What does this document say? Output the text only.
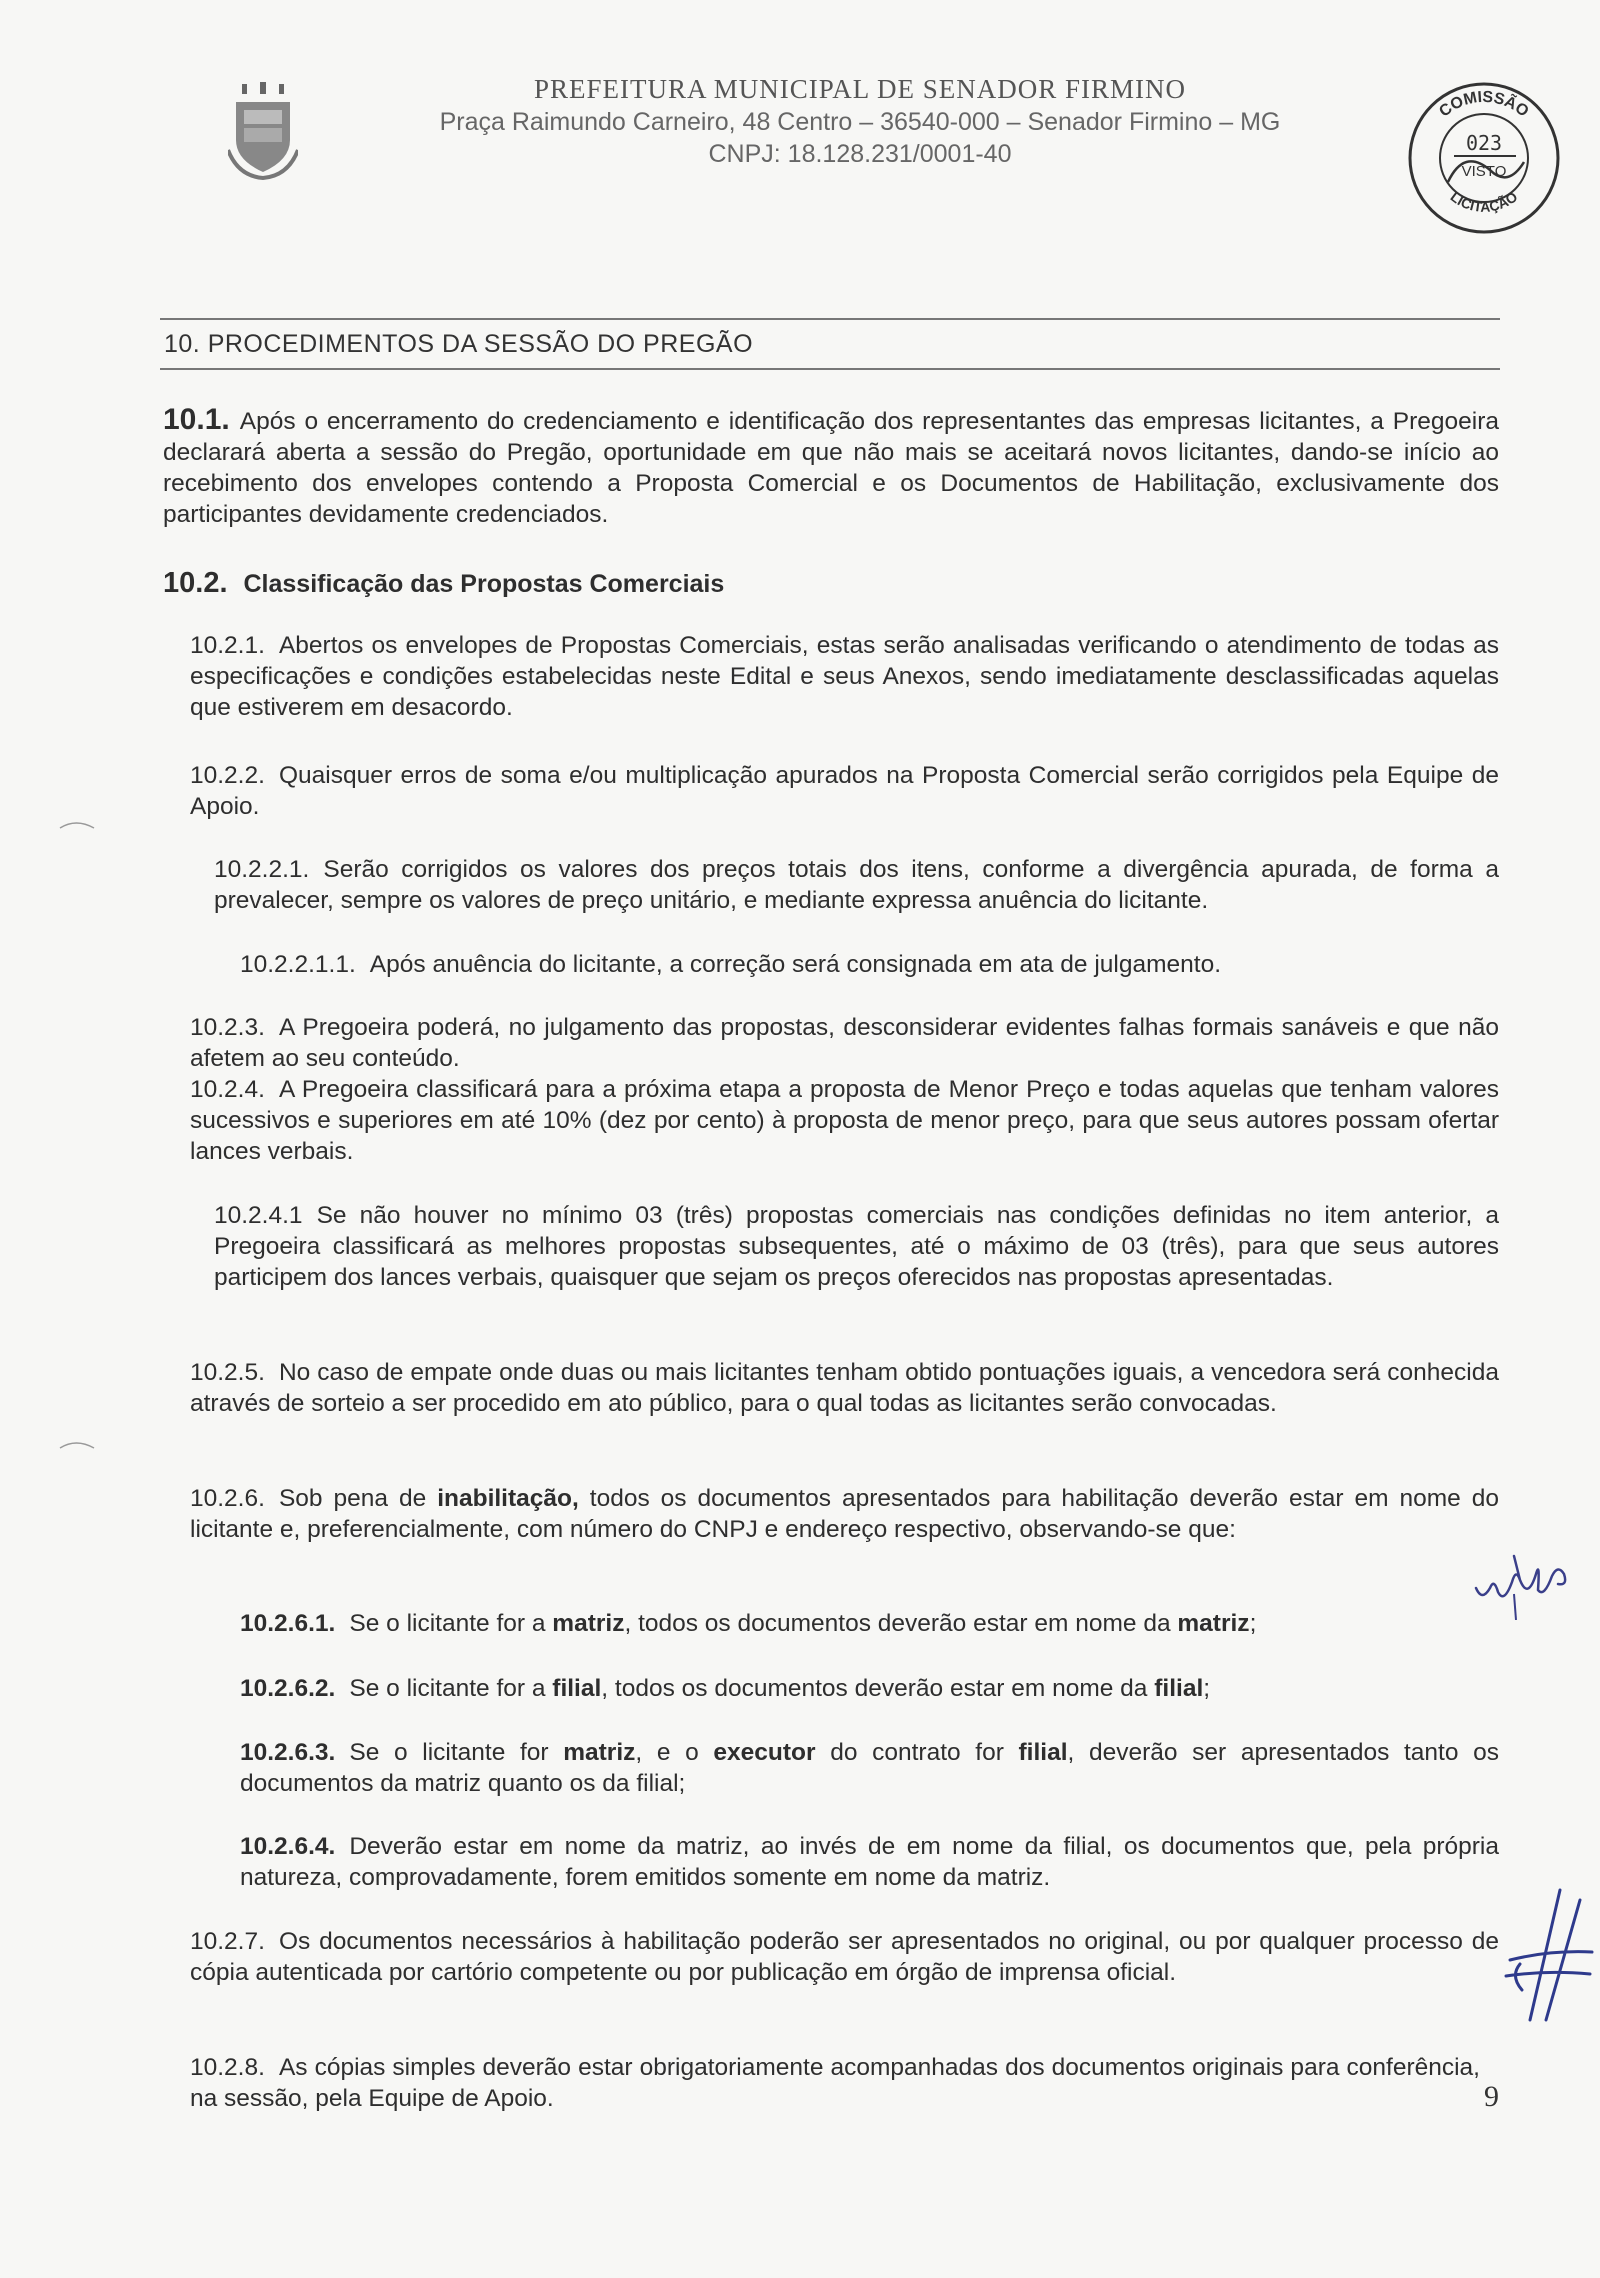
PREFEITURA MUNICIPAL DE SENADOR FIRMINO
Praça Raimundo Carneiro, 48 Centro – 36540-000 – Senador Firmino – MG
CNPJ: 18.128.231/0001-40
COMISSÃO
LICITAÇÃO
023
VISTO
10. PROCEDIMENTOS DA SESSÃO DO PREGÃO
10.1. Após o encerramento do credenciamento e identificação dos representantes das empresas licitantes, a Pregoeira declarará aberta a sessão do Pregão, oportunidade em que não mais se aceitará novos licitantes, dando-se início ao recebimento dos envelopes contendo a Proposta Comercial e os Documentos de Habilitação, exclusivamente dos participantes devidamente credenciados.
10.2. Classificação das Propostas Comerciais
10.2.1. Abertos os envelopes de Propostas Comerciais, estas serão analisadas verificando o atendimento de todas as especificações e condições estabelecidas neste Edital e seus Anexos, sendo imediatamente desclassificadas aquelas que estiverem em desacordo.
10.2.2. Quaisquer erros de soma e/ou multiplicação apurados na Proposta Comercial serão corrigidos pela Equipe de Apoio.
10.2.2.1. Serão corrigidos os valores dos preços totais dos itens, conforme a divergência apurada, de forma a prevalecer, sempre os valores de preço unitário, e mediante expressa anuência do licitante.
10.2.2.1.1. Após anuência do licitante, a correção será consignada em ata de julgamento.
10.2.3. A Pregoeira poderá, no julgamento das propostas, desconsiderar evidentes falhas formais sanáveis e que não afetem ao seu conteúdo.
10.2.4. A Pregoeira classificará para a próxima etapa a proposta de Menor Preço e todas aquelas que tenham valores sucessivos e superiores em até 10% (dez por cento) à proposta de menor preço, para que seus autores possam ofertar lances verbais.
10.2.4.1 Se não houver no mínimo 03 (três) propostas comerciais nas condições definidas no item anterior, a Pregoeira classificará as melhores propostas subsequentes, até o máximo de 03 (três), para que seus autores participem dos lances verbais, quaisquer que sejam os preços oferecidos nas propostas apresentadas.
10.2.5. No caso de empate onde duas ou mais licitantes tenham obtido pontuações iguais, a vencedora será conhecida através de sorteio a ser procedido em ato público, para o qual todas as licitantes serão convocadas.
10.2.6. Sob pena de inabilitação, todos os documentos apresentados para habilitação deverão estar em nome do licitante e, preferencialmente, com número do CNPJ e endereço respectivo, observando-se que:
10.2.6.1. Se o licitante for a matriz, todos os documentos deverão estar em nome da matriz;
10.2.6.2. Se o licitante for a filial, todos os documentos deverão estar em nome da filial;
10.2.6.3. Se o licitante for matriz, e o executor do contrato for filial, deverão ser apresentados tanto os documentos da matriz quanto os da filial;
10.2.6.4. Deverão estar em nome da matriz, ao invés de em nome da filial, os documentos que, pela própria natureza, comprovadamente, forem emitidos somente em nome da matriz.
10.2.7. Os documentos necessários à habilitação poderão ser apresentados no original, ou por qualquer processo de cópia autenticada por cartório competente ou por publicação em órgão de imprensa oficial.
10.2.8. As cópias simples deverão estar obrigatoriamente acompanhadas dos documentos originais para conferência, na sessão, pela Equipe de Apoio.	9
